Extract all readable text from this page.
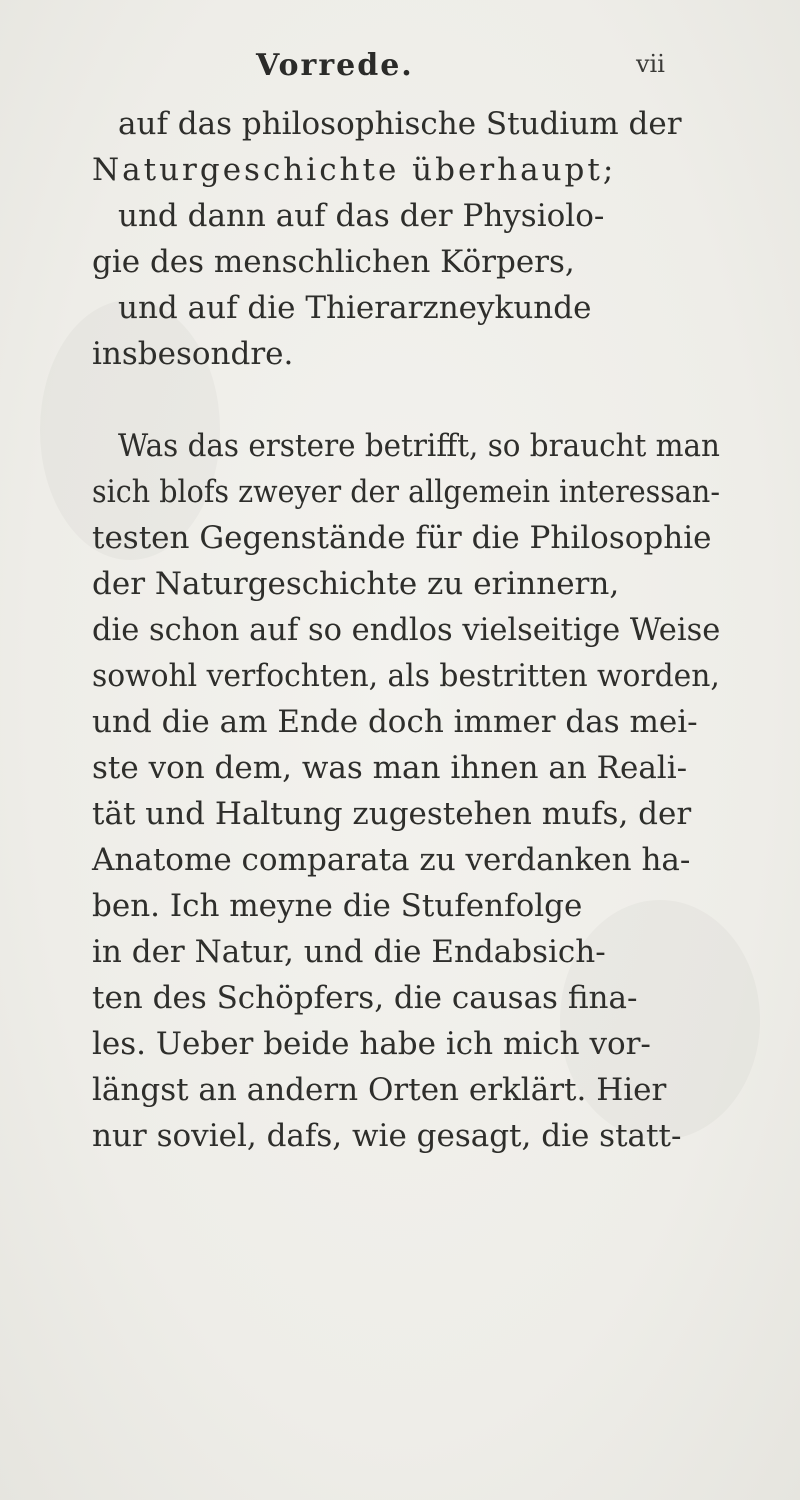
Vorrede.	vii
auf das philosophische Studium der
Naturgeschichte überhaupt;
und dann auf das der Physiolo-
gie des menschlichen Körpers,
und auf die Thierarzneykunde
insbesondre.
Was das erstere betrifft, so braucht man
sich blofs zweyer der allgemein interessan-
testen Gegenstände für die Philosophie
der Naturgeschichte zu erinnern,
die schon auf so endlos vielseitige Weise
sowohl verfochten, als bestritten worden,
und die am Ende doch immer das mei-
ste von dem, was man ihnen an Reali-
tät und Haltung zugestehen mufs, der
Anatome comparata zu verdanken ha-
ben. Ich meyne die Stufenfolge
in der Natur, und die Endabsich-
ten des Schöpfers, die causas fina-
les. Ueber beide habe ich mich vor-
längst an andern Orten erklärt. Hier
nur soviel, dafs, wie gesagt, die statt-
